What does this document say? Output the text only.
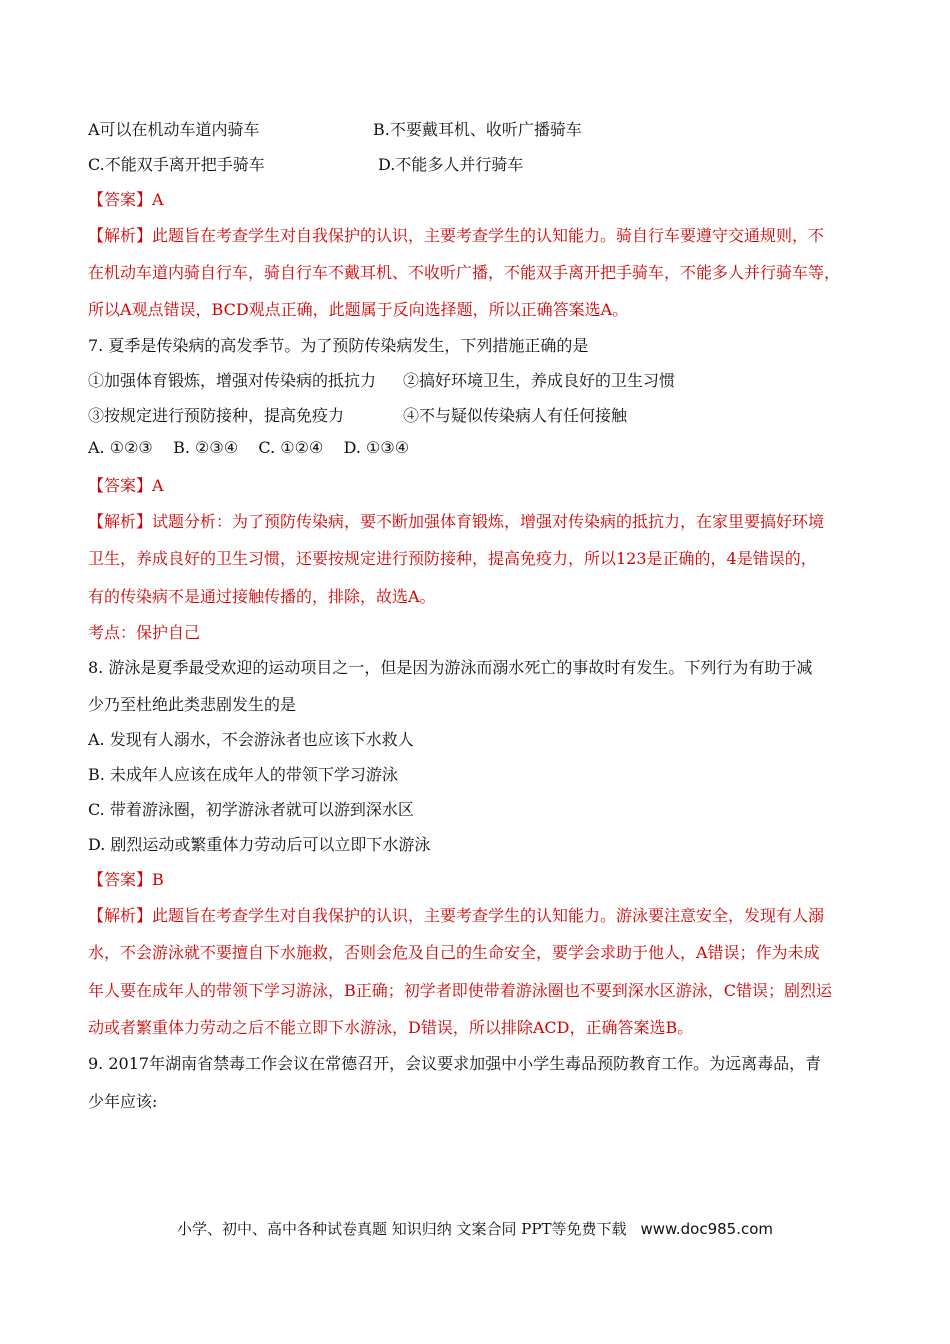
A可以在机动车道内骑车	B.不要戴耳机、收听广播骑车
C.不能双手离开把手骑车	D.不能多人并行骑车
【答案】A
【解析】此题旨在考查学生对自我保护的认识，主要考查学生的认知能力。骑自行车要遵守交通规则，不
在机动车道内骑自行车，骑自行车不戴耳机、不收听广播，不能双手离开把手骑车，不能多人并行骑车等，
所以A观点错误，BCD观点正确，此题属于反向选择题，所以正确答案选A。
7. 夏季是传染病的高发季节。为了预防传染病发生，下列措施正确的是
①加强体育锻炼，增强对传染病的抵抗力 ②搞好环境卫生，养成良好的卫生习惯
③按规定进行预防接种，提高免疫力	④不与疑似传染病人有任何接触
A. ①②③    B. ②③④    C. ①②④    D. ①③④
【答案】A
【解析】试题分析：为了预防传染病，要不断加强体育锻炼，增强对传染病的抵抗力，在家里要搞好环境
卫生，养成良好的卫生习惯，还要按规定进行预防接种，提高免疫力，所以123是正确的，4是错误的，
有的传染病不是通过接触传播的，排除，故选A。
考点：保护自己
8. 游泳是夏季最受欢迎的运动项目之一，但是因为游泳而溺水死亡的事故时有发生。下列行为有助于减
少乃至杜绝此类悲剧发生的是
A. 发现有人溺水，不会游泳者也应该下水救人
B. 未成年人应该在成年人的带领下学习游泳
C. 带着游泳圈，初学游泳者就可以游到深水区
D. 剧烈运动或繁重体力劳动后可以立即下水游泳
【答案】B
【解析】此题旨在考查学生对自我保护的认识，主要考查学生的认知能力。游泳要注意安全，发现有人溺
水，不会游泳就不要擅自下水施救，否则会危及自己的生命安全，要学会求助于他人，A错误；作为未成
年人要在成年人的带领下学习游泳，B正确；初学者即使带着游泳圈也不要到深水区游泳，C错误；剧烈运
动或者繁重体力劳动之后不能立即下水游泳，D错误，所以排除ACD，正确答案选B。
9. 2017年湖南省禁毒工作会议在常德召开，会议要求加强中小学生毒品预防教育工作。为远离毒品，青
少年应该:
小学、初中、高中各种试卷真题 知识归纳 文案合同 PPT等免费下载 www.doc985.com
